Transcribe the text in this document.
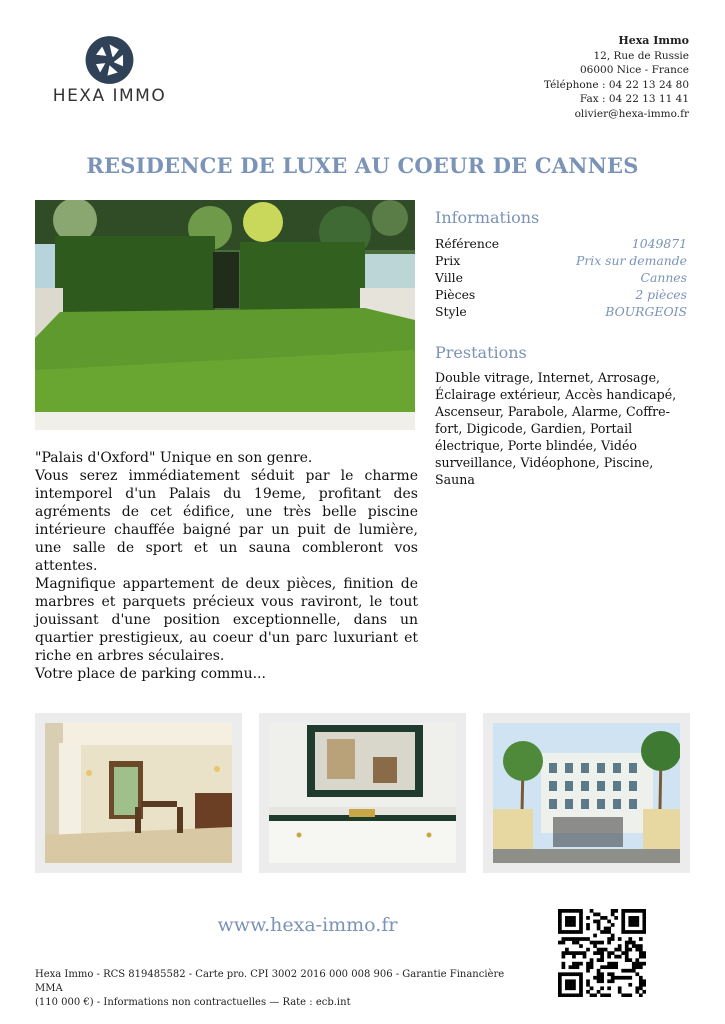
HEXA IMMO
Hexa Immo
12, Rue de Russie
06000 Nice - France
Téléphone : 04 22 13 24 80
Fax : 04 22 13 11 41
olivier@hexa-immo.fr
RESIDENCE DE LUXE AU COEUR DE CANNES

"Palais d'Oxford" Unique en son genre.

Vous serez immédiatement séduit par le charme intemporel d'un Palais du 19eme, profitant des agréments de cet édifice, une très belle piscine intérieure chauffée baigné par un puit de lumière, une salle de sport et un sauna combleront vos attentes.

Magnifique appartement de deux pièces, finition de marbres et parquets précieux vous raviront, le tout jouissant d'une position exceptionnelle, dans un quartier prestigieux, au coeur d'un parc luxuriant et riche en arbres séculaires.

Votre place de parking commu...

Informations
Référence	1049871
Prix	Prix sur demande
Ville	Cannes
Pièces	2 pièces
Style	BOURGEOIS
Prestations
Double vitrage, Internet, Arrosage, Éclairage extérieur, Accès handicapé, Ascenseur, Parabole, Alarme, Coffre-fort, Digicode, Gardien, Portail électrique, Porte blindée, Vidéo surveillance, Vidéophone, Piscine, Sauna
www.hexa-immo.fr
Hexa Immo - RCS 819485582 - Carte pro. CPI 3002 2016 000 008 906 - Garantie Financière MMA
(110 000 €) - Informations non contractuelles — Rate : ecb.int
